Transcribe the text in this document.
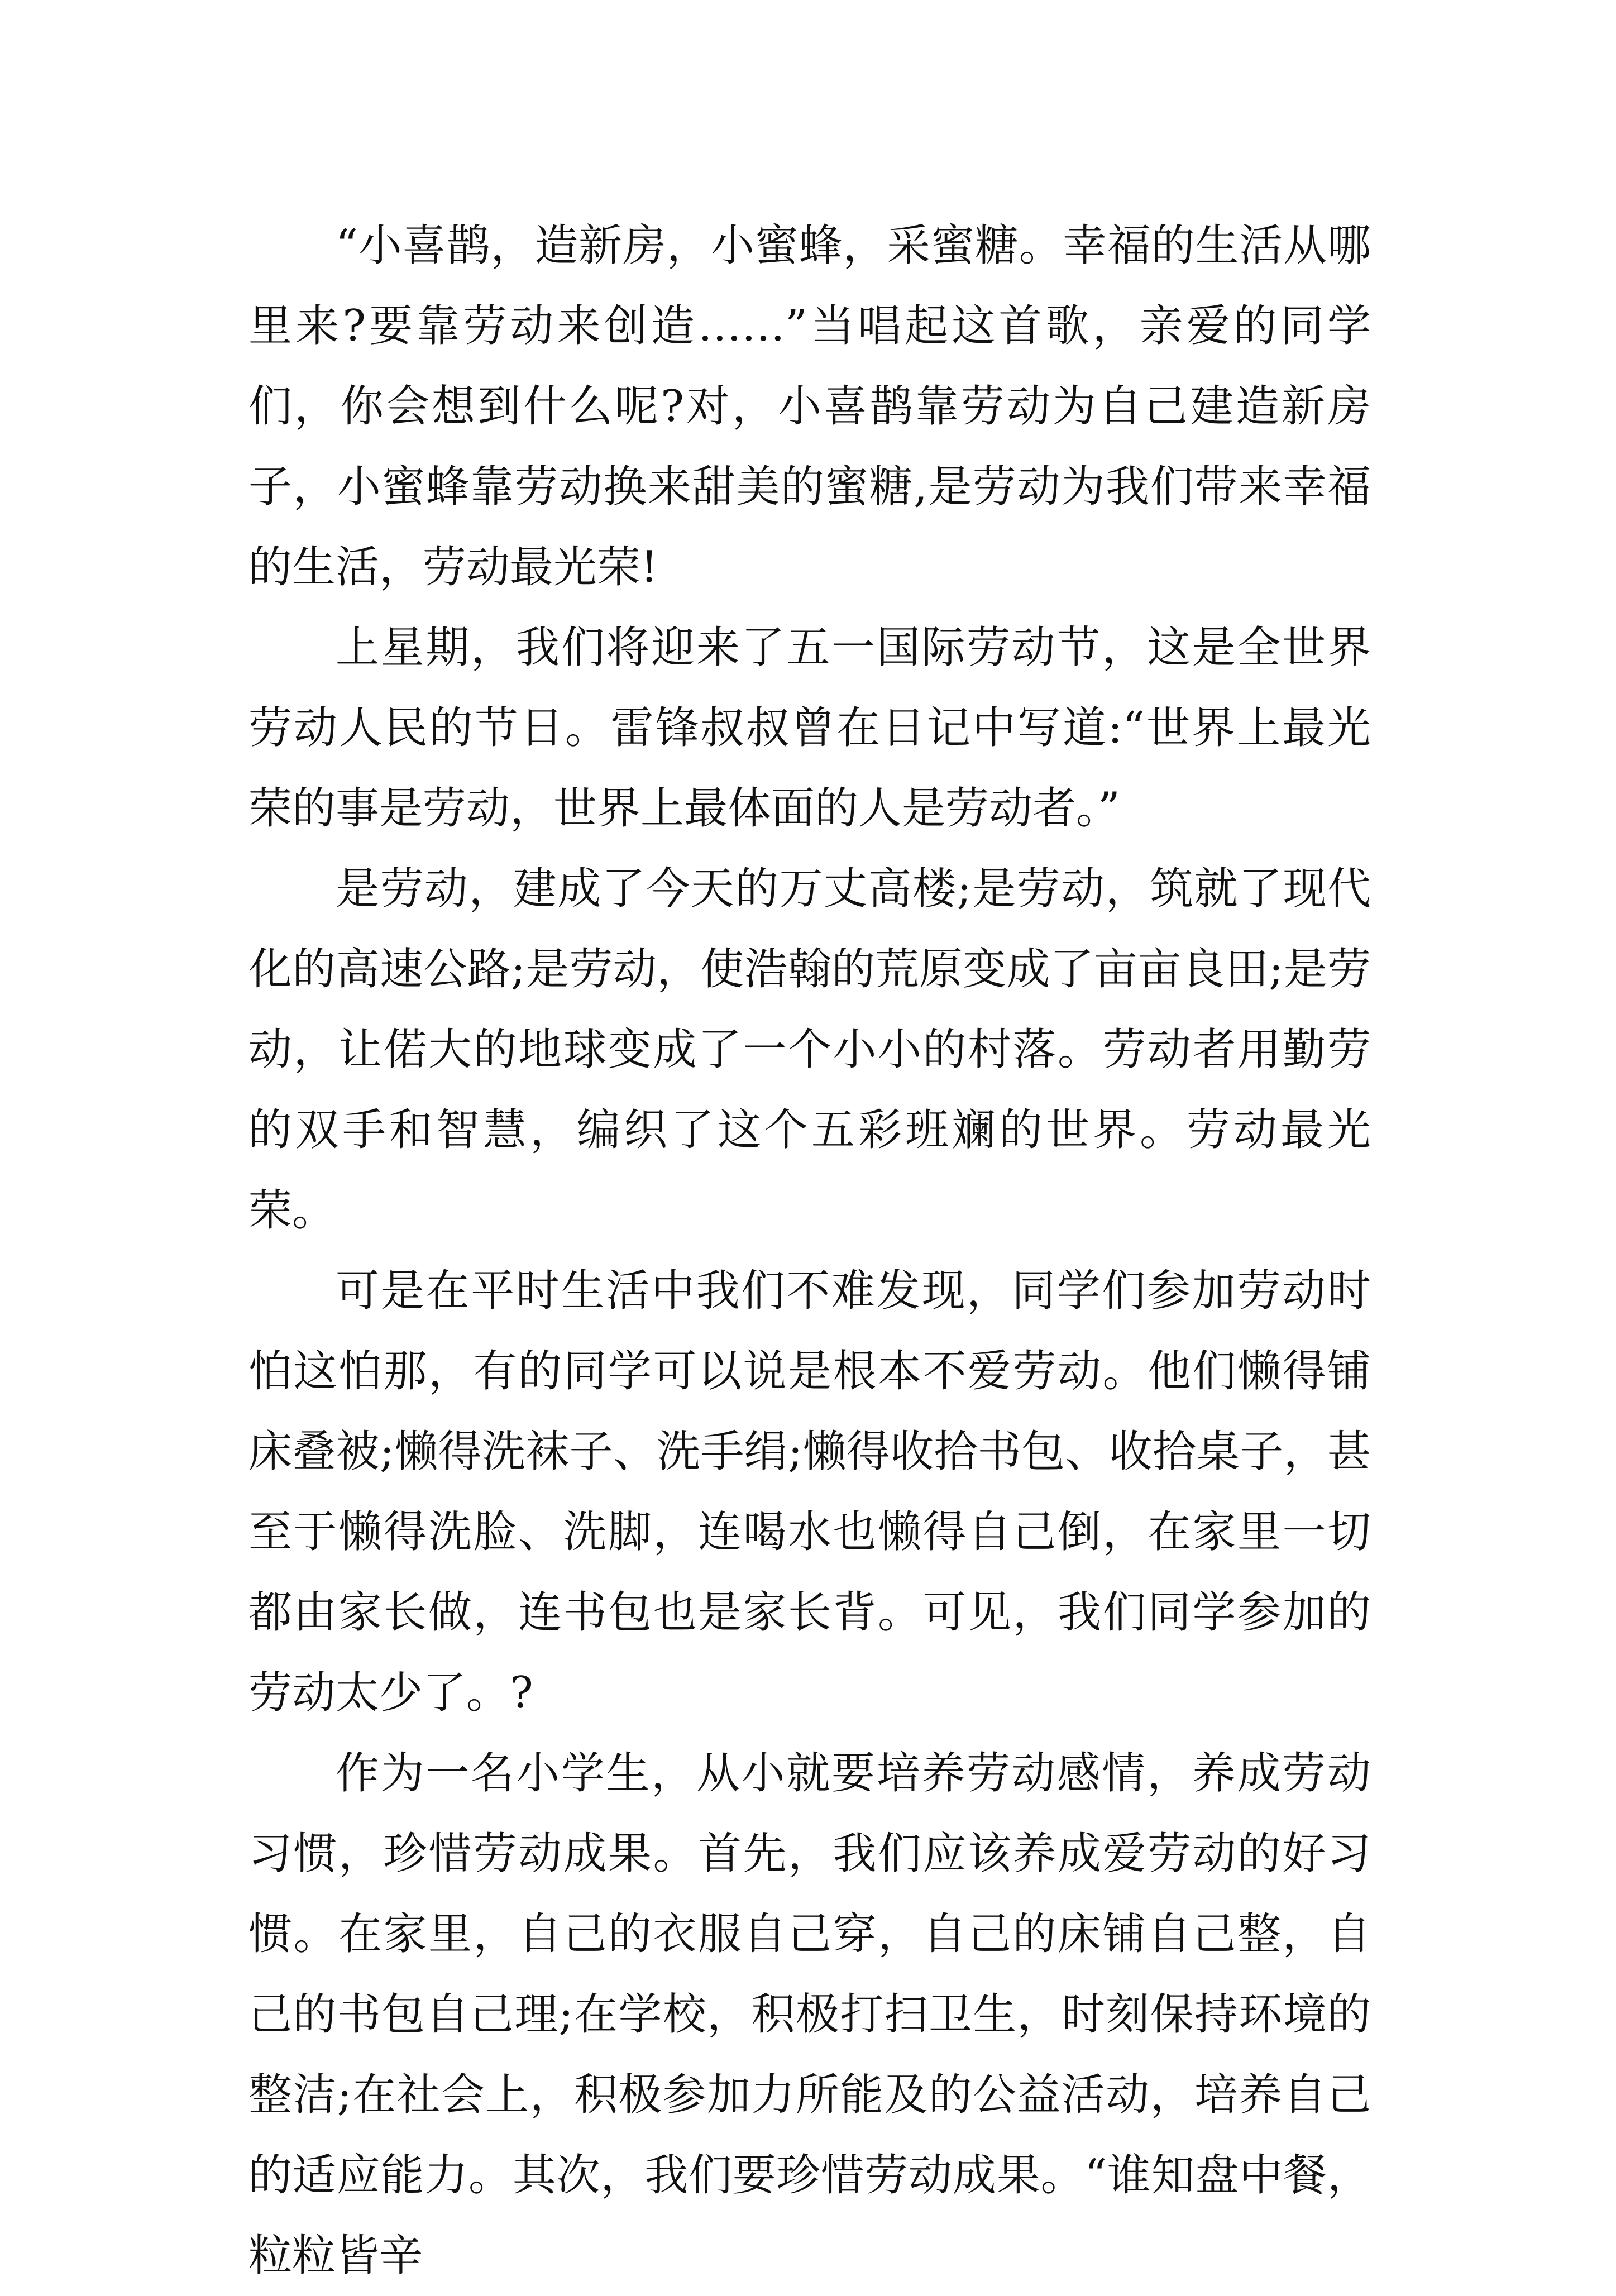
“小喜鹊，造新房，小蜜蜂，采蜜糖。幸福的生活从哪里来?要靠劳动来创造……”当唱起这首歌，亲爱的同学们，你会想到什么呢?对，小喜鹊靠劳动为自己建造新房子，小蜜蜂靠劳动换来甜美的蜜糖,是劳动为我们带来幸福的生活，劳动最光荣!

上星期，我们将迎来了五一国际劳动节，这是全世界劳动人民的节日。雷锋叔叔曾在日记中写道:“世界上最光荣的事是劳动，世界上最体面的人是劳动者。”

是劳动，建成了今天的万丈高楼;是劳动，筑就了现代化的高速公路;是劳动，使浩翰的荒原变成了亩亩良田;是劳动，让偌大的地球变成了一个小小的村落。劳动者用勤劳的双手和智慧，编织了这个五彩班斓的世界。劳动最光荣。

可是在平时生活中我们不难发现，同学们参加劳动时怕这怕那，有的同学可以说是根本不爱劳动。他们懒得铺床叠被;懒得洗袜子、洗手绢;懒得收拾书包、收拾桌子，甚至于懒得洗脸、洗脚，连喝水也懒得自己倒，在家里一切都由家长做，连书包也是家长背。可见，我们同学参加的劳动太少了。?

作为一名小学生，从小就要培养劳动感情，养成劳动习惯，珍惜劳动成果。首先，我们应该养成爱劳动的好习惯。在家里，自己的衣服自己穿，自己的床铺自己整，自己的书包自己理;在学校，积极打扫卫生，时刻保持环境的整洁;在社会上，积极参加力所能及的公益活动，培养自己的适应能力。其次，我们要珍惜劳动成果。“谁知盘中餐，粒粒皆辛
